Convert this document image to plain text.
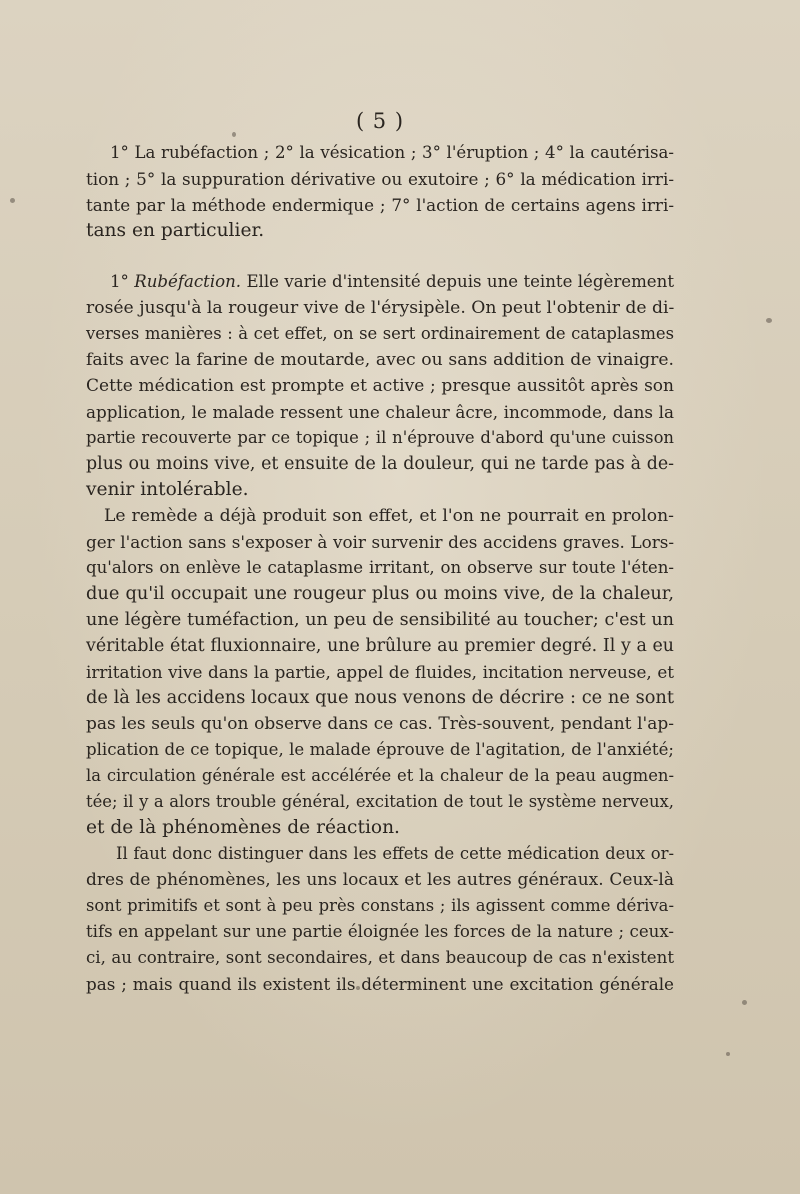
( 5 )

1° La rubéfaction ; 2° la vésication ; 3° l'éruption ; 4° la cautérisa-
tion ; 5° la suppuration dérivative ou exutoire ; 6° la médication irri-
tante par la méthode endermique ; 7° l'action de certains agens irri-
tans en particulier.

1° Rubéfaction. Elle varie d'intensité depuis une teinte légèrement
rosée jusqu'à la rougeur vive de l'érysipèle. On peut l'obtenir de di-
verses manières : à cet effet, on se sert ordinairement de cataplasmes
faits avec la farine de moutarde, avec ou sans addition de vinaigre.
Cette médication est prompte et active ; presque aussitôt après son
application, le malade ressent une chaleur âcre, incommode, dans la
partie recouverte par ce topique ; il n'éprouve d'abord qu'une cuisson
plus ou moins vive, et ensuite de la douleur, qui ne tarde pas à de-
venir intolérable.

Le remède a déjà produit son effet, et l'on ne pourrait en prolon-
ger l'action sans s'exposer à voir survenir des accidens graves. Lors-
qu'alors on enlève le cataplasme irritant, on observe sur toute l'éten-
due qu'il occupait une rougeur plus ou moins vive, de la chaleur,
une légère tuméfaction, un peu de sensibilité au toucher; c'est un
véritable état fluxionnaire, une brûlure au premier degré. Il y a eu
irritation vive dans la partie, appel de fluides, incitation nerveuse, et
de là les accidens locaux que nous venons de décrire : ce ne sont
pas les seuls qu'on observe dans ce cas. Très-souvent, pendant l'ap-
plication de ce topique, le malade éprouve de l'agitation, de l'anxiété;
la circulation générale est accélérée et la chaleur de la peau augmen-
tée; il y a alors trouble général, excitation de tout le système nerveux,
et de là phénomènes de réaction.

Il faut donc distinguer dans les effets de cette médication deux or-
dres de phénomènes, les uns locaux et les autres généraux. Ceux-là
sont primitifs et sont à peu près constans ; ils agissent comme dériva-
tifs en appelant sur une partie éloignée les forces de la nature ; ceux-
ci, au contraire, sont secondaires, et dans beaucoup de cas n'existent
pas ; mais quand ils existent ils déterminent une excitation générale
